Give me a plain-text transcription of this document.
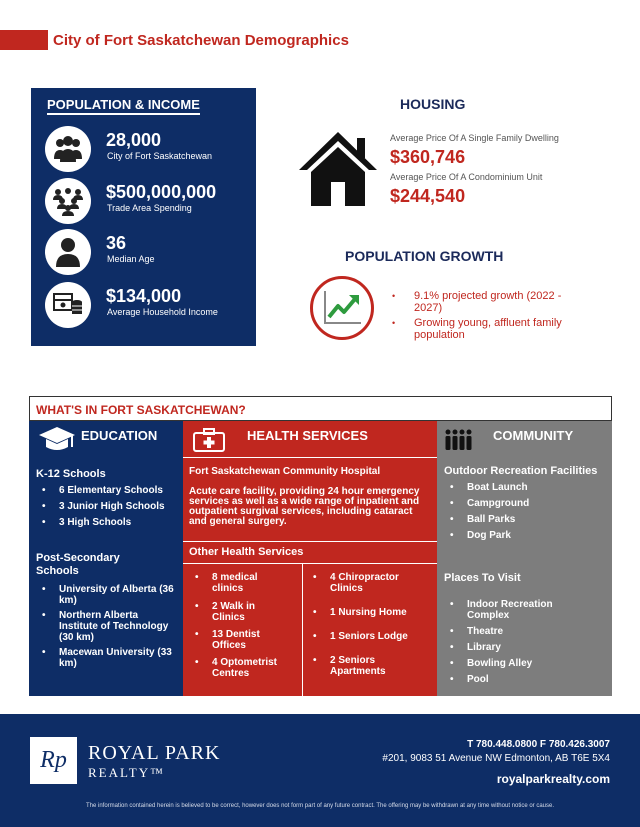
City of Fort Saskatchewan Demographics
POPULATION & INCOME
28,000
City of Fort Saskatchewan
$500,000,000
Trade Area Spending
36
Median Age
$134,000
Average Household Income
HOUSING
Average Price Of A Single Family Dwelling
$360,746
Average Price Of A Condominium Unit
$244,540
POPULATION GROWTH
• 9.1% projected growth (2022 - 2027)
• Growing young, affluent family population
WHAT'S IN FORT SASKATCHEWAN?
EDUCATION
K-12 Schools
• 6 Elementary Schools
• 3 Junior High Schools
• 3 High Schools
Post-Secondary Schools
• University of Alberta (36 km)
• Northern Alberta Institute of Technology (30 km)
• Macewan University (33 km)
HEALTH SERVICES
Fort Saskatchewan Community Hospital
Acute care facility, providing 24 hour emergency services as well as a wide range of inpatient and outpatient surgival services, including cataract and general surgery.
Other Health Services
• 8 medical clinics
• 2 Walk in Clinics
• 13 Dentist Offices
• 4 Optometrist Centres
• 4 Chiropractor Clinics
• 1 Nursing Home
• 1 Seniors Lodge
• 2 Seniors Apartments
COMMUNITY
Outdoor Recreation Facilities
• Boat Launch
• Campground
• Ball Parks
• Dog Park
Places To Visit
• Indoor Recreation Complex
• Theatre
• Library
• Bowling Alley
• Pool
Rp ROYAL PARK
REALTY™
T 780.448.0800 F 780.426.3007
#201, 9083 51 Avenue NW Edmonton, AB T6E 5X4
royalparkrealty.com
The information contained herein is believed to be correct, however does not form part of any future contract. The offering may be withdrawn at any time without notice or cause.
